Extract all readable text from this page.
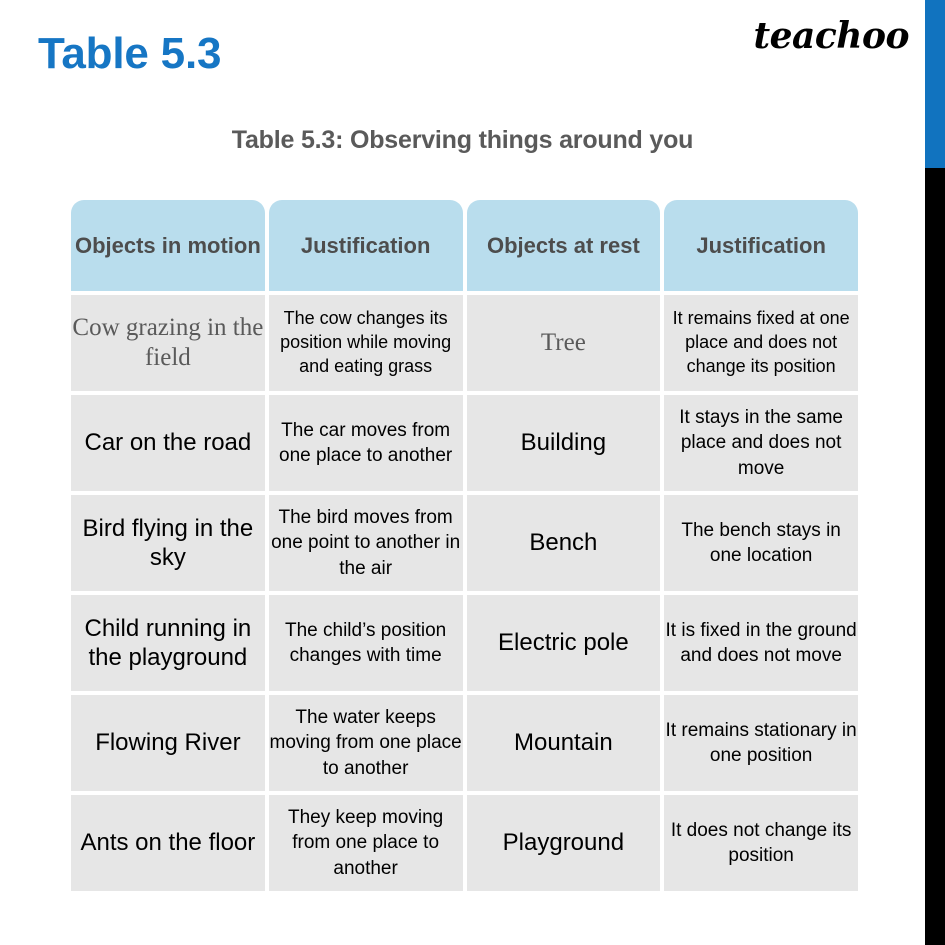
Table 5.3	teachoo
Table 5.3: Observing things around you
Objects in motion	Justification	Objects at rest	Justification
Cow grazing in the field	The cow changes its position while moving and eating grass	Tree	It remains fixed at one place and does not change its position
Car on the road	The car moves from one place to another	Building	It stays in the same place and does not move
Bird flying in the sky	The bird moves from one point to another in the air	Bench	The bench stays in one location
Child running in the playground	The child’s position changes with time	Electric pole	It is fixed in the ground and does not move
Flowing River	The water keeps moving from one place to another	Mountain	It remains stationary in one position
Ants on the floor	They keep moving from one place to another	Playground	It does not change its position
